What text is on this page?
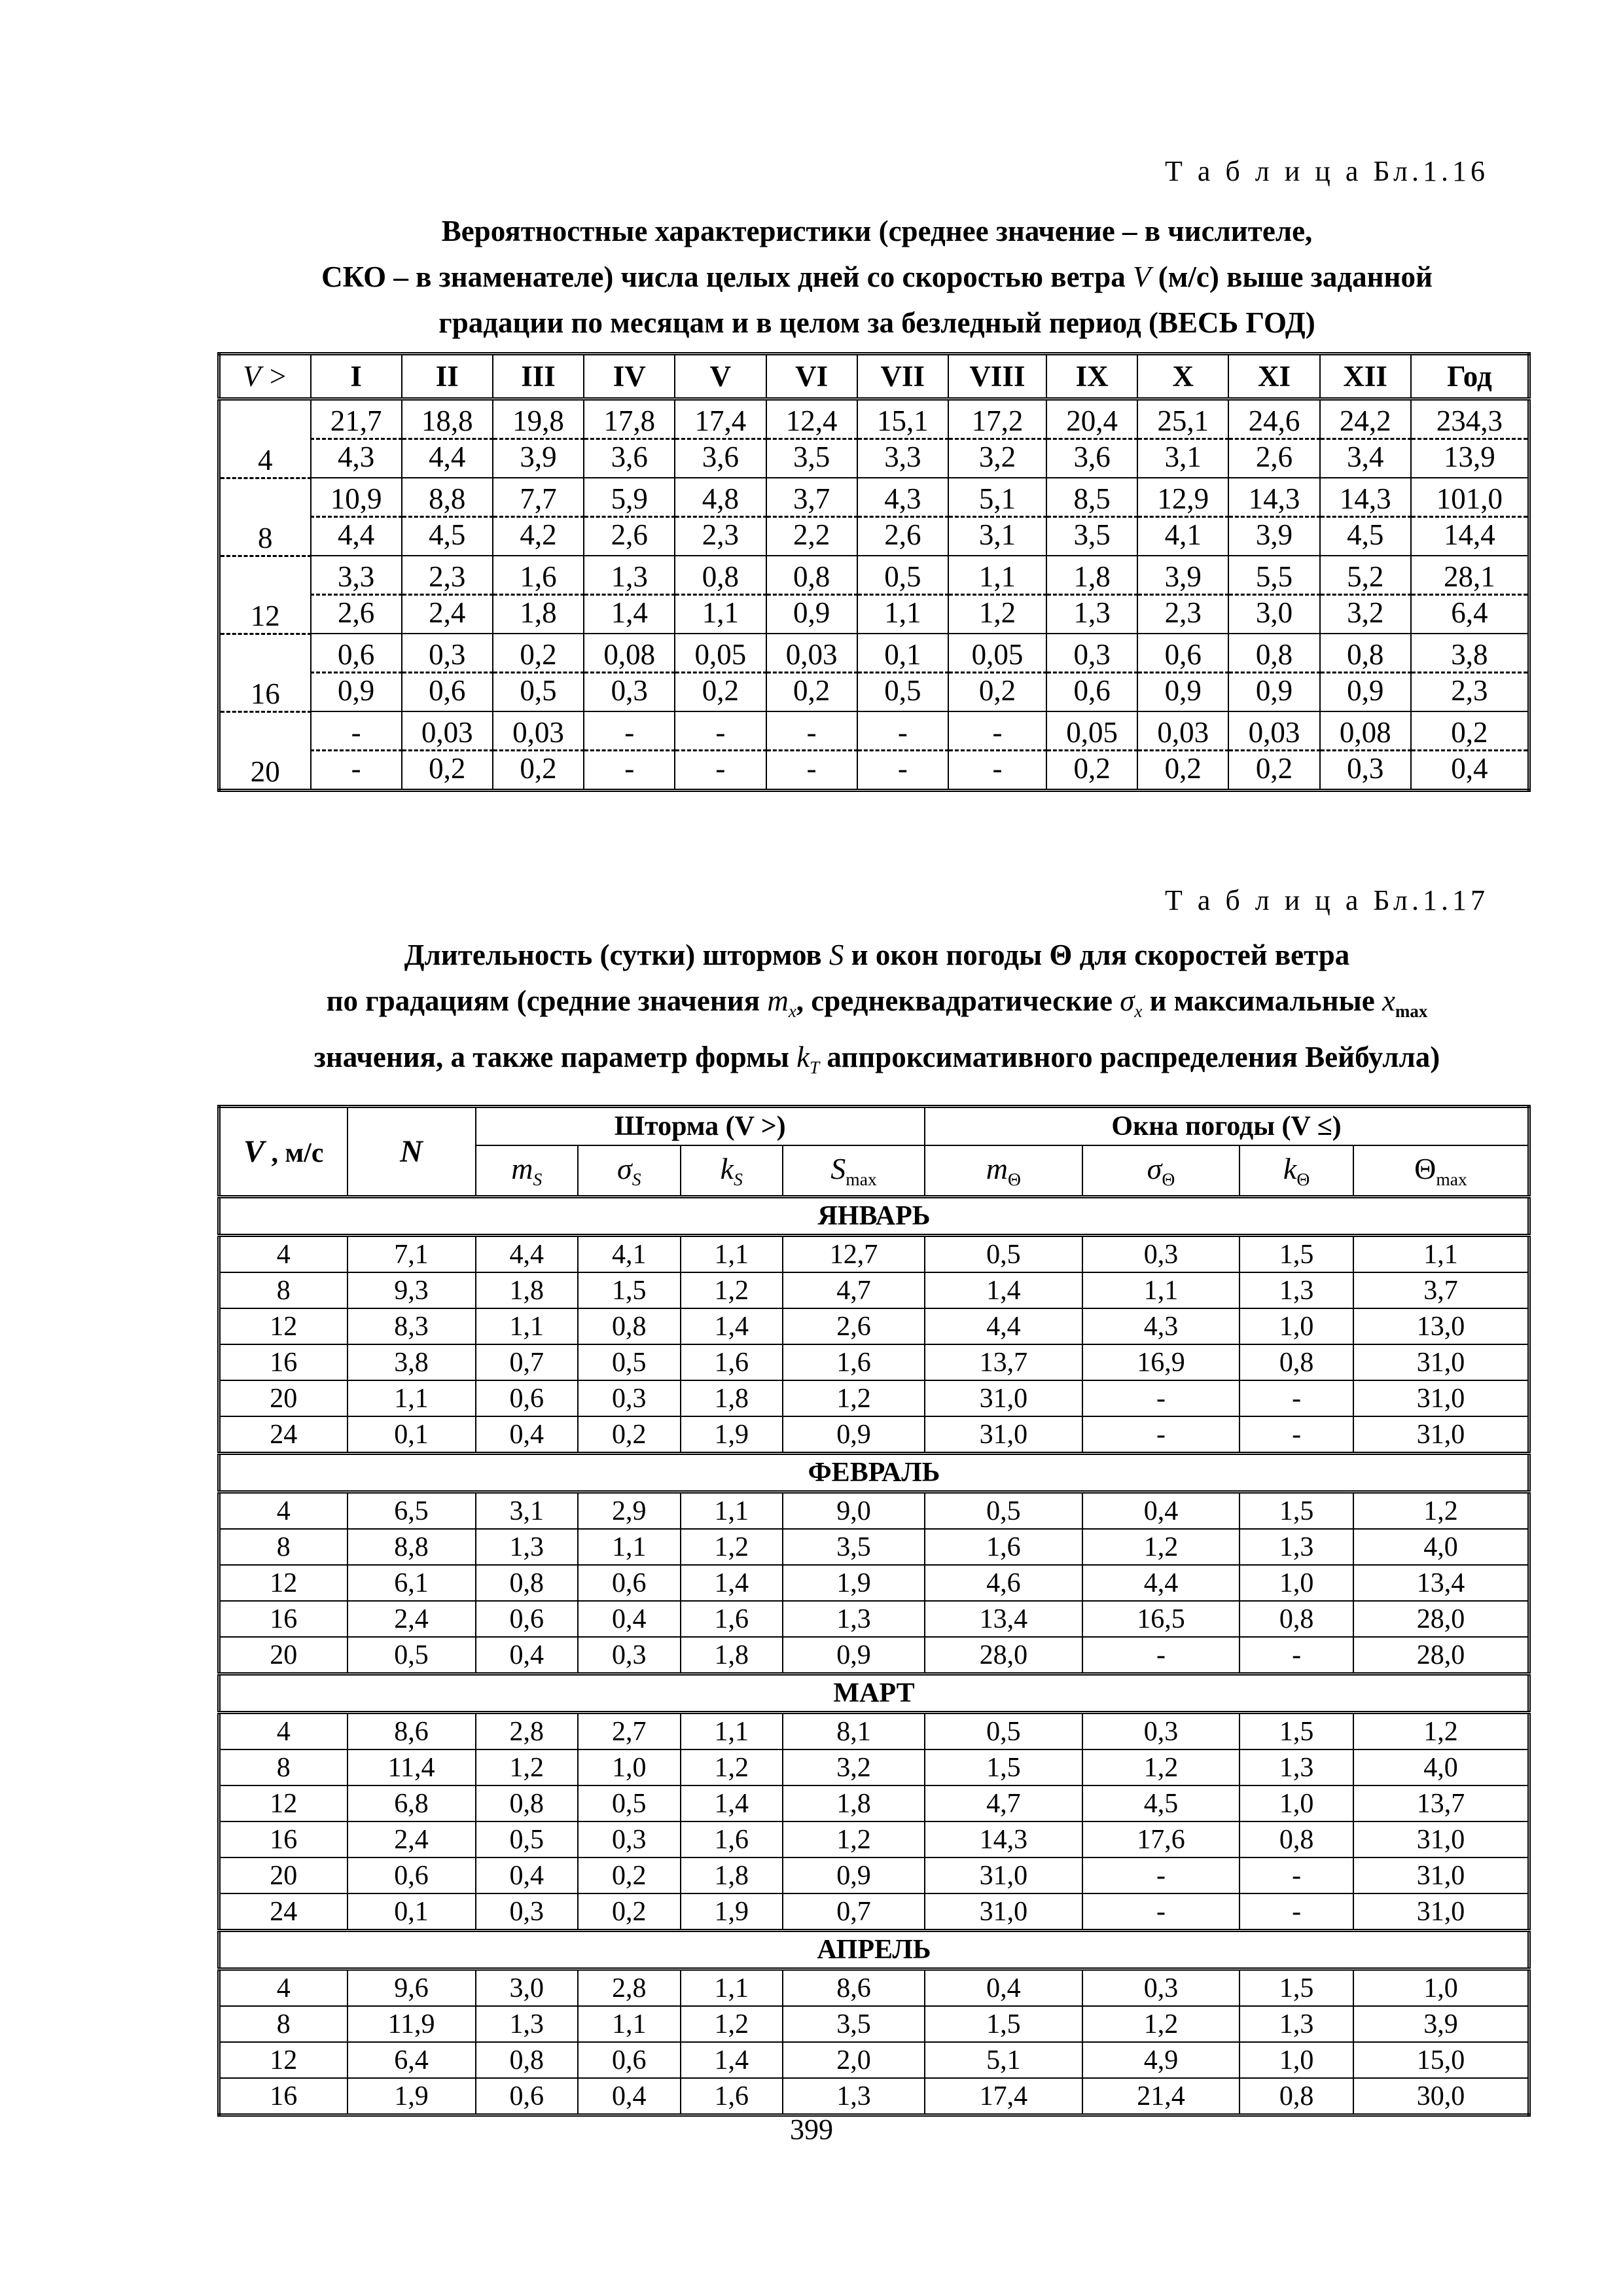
Т а б л и ц а Бл.1.16
Вероятностные характеристики (среднее значение – в числителе,
СКО – в знаменателе) числа целых дней со скоростью ветра V (м/с) выше заданной
градации по месяцам и в целом за безледный период (ВЕСЬ ГОД)
V >	I	II	III	IV	V	VI	VII	VIII	IX	X	XI	XII	Год
4	21,7	18,8	19,8	17,8	17,4	12,4	15,1	17,2	20,4	25,1	24,6	24,2	234,3
	4,3	4,4	3,9	3,6	3,6	3,5	3,3	3,2	3,6	3,1	2,6	3,4	13,9
8	10,9	8,8	7,7	5,9	4,8	3,7	4,3	5,1	8,5	12,9	14,3	14,3	101,0
	4,4	4,5	4,2	2,6	2,3	2,2	2,6	3,1	3,5	4,1	3,9	4,5	14,4
12	3,3	2,3	1,6	1,3	0,8	0,8	0,5	1,1	1,8	3,9	5,5	5,2	28,1
	2,6	2,4	1,8	1,4	1,1	0,9	1,1	1,2	1,3	2,3	3,0	3,2	6,4
16	0,6	0,3	0,2	0,08	0,05	0,03	0,1	0,05	0,3	0,6	0,8	0,8	3,8
	0,9	0,6	0,5	0,3	0,2	0,2	0,5	0,2	0,6	0,9	0,9	0,9	2,3
20	-	0,03	0,03	-	-	-	-	-	0,05	0,03	0,03	0,08	0,2
	-	0,2	0,2	-	-	-	-	-	0,2	0,2	0,2	0,3	0,4
Т а б л и ц а Бл.1.17
Длительность (сутки) штормов S и окон погоды Θ для скоростей ветра
по градациям (средние значения $m_x$, среднеквадратические $\sigma_x$ и максимальные $x_{max}$
значения, а также параметр формы $k_T$ аппроксимативного распределения Вейбулла)
V , м/с	N	Шторма (V >)				Окна погоды (V ≤)			
		$m_S$	$\sigma_S$	$k_S$	$S_{max}$	$m_\Theta$	$\sigma_\Theta$	$k_\Theta$	$\Theta_{max}$
ЯНВАРЬ									
4	7,1	4,4	4,1	1,1	12,7	0,5	0,3	1,5	1,1
8	9,3	1,8	1,5	1,2	4,7	1,4	1,1	1,3	3,7
12	8,3	1,1	0,8	1,4	2,6	4,4	4,3	1,0	13,0
16	3,8	0,7	0,5	1,6	1,6	13,7	16,9	0,8	31,0
20	1,1	0,6	0,3	1,8	1,2	31,0	-	-	31,0
24	0,1	0,4	0,2	1,9	0,9	31,0	-	-	31,0
ФЕВРАЛЬ									
4	6,5	3,1	2,9	1,1	9,0	0,5	0,4	1,5	1,2
8	8,8	1,3	1,1	1,2	3,5	1,6	1,2	1,3	4,0
12	6,1	0,8	0,6	1,4	1,9	4,6	4,4	1,0	13,4
16	2,4	0,6	0,4	1,6	1,3	13,4	16,5	0,8	28,0
20	0,5	0,4	0,3	1,8	0,9	28,0	-	-	28,0
МАРТ									
4	8,6	2,8	2,7	1,1	8,1	0,5	0,3	1,5	1,2
8	11,4	1,2	1,0	1,2	3,2	1,5	1,2	1,3	4,0
12	6,8	0,8	0,5	1,4	1,8	4,7	4,5	1,0	13,7
16	2,4	0,5	0,3	1,6	1,2	14,3	17,6	0,8	31,0
20	0,6	0,4	0,2	1,8	0,9	31,0	-	-	31,0
24	0,1	0,3	0,2	1,9	0,7	31,0	-	-	31,0
АПРЕЛЬ									
4	9,6	3,0	2,8	1,1	8,6	0,4	0,3	1,5	1,0
8	11,9	1,3	1,1	1,2	3,5	1,5	1,2	1,3	3,9
12	6,4	0,8	0,6	1,4	2,0	5,1	4,9	1,0	15,0
16	1,9	0,6	0,4	1,6	1,3	17,4	21,4	0,8	30,0
399
